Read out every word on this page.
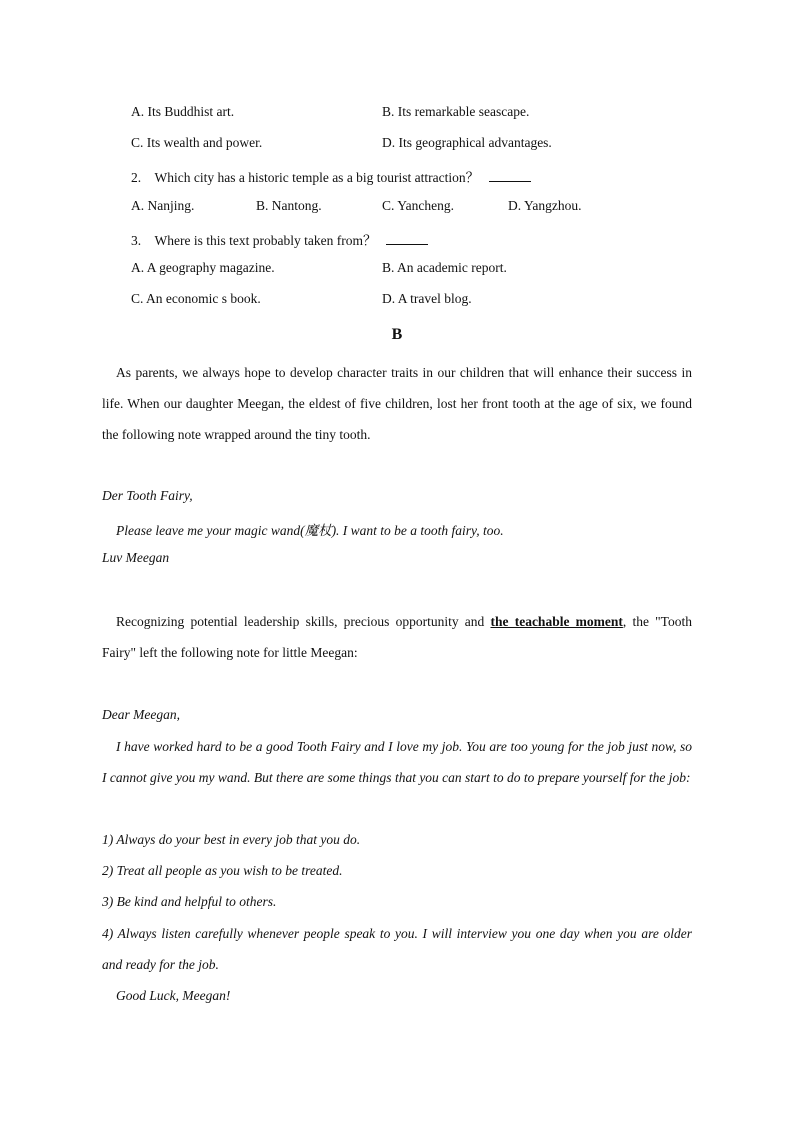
A. Its Buddhist art.	B. Its remarkable seascape.
C. Its wealth and power.	D. Its geographical advantages.
2. Which city has a historic temple as a big tourist attraction？
A. Nanjing.	B. Nantong.	C. Yancheng.	D. Yangzhou.
3. Where is this text probably taken from？
A. A geography magazine.	B. An academic report.
C. An economic s book.	D. A travel blog.
B
As parents, we always hope to develop character traits in our children that will enhance their success in life. When our daughter Meegan, the eldest of five children, lost her front tooth at the age of six, we found the following note wrapped around the tiny tooth.
Der Tooth Fairy,
Please leave me your magic wand(魔杖). I want to be a tooth fairy, too.
Luv Meegan
Recognizing potential leadership skills, precious opportunity and the teachable moment, the "Tooth Fairy" left the following note for little Meegan:
Dear Meegan,
I have worked hard to be a good Tooth Fairy and I love my job. You are too young for the job just now, so I cannot give you my wand. But there are some things that you can start to do to prepare yourself for the job:
1) Always do your best in every job that you do.
2) Treat all people as you wish to be treated.
3) Be kind and helpful to others.
4) Always listen carefully whenever people speak to you. I will interview you one day when you are older and ready for the job.
Good Luck, Meegan!
